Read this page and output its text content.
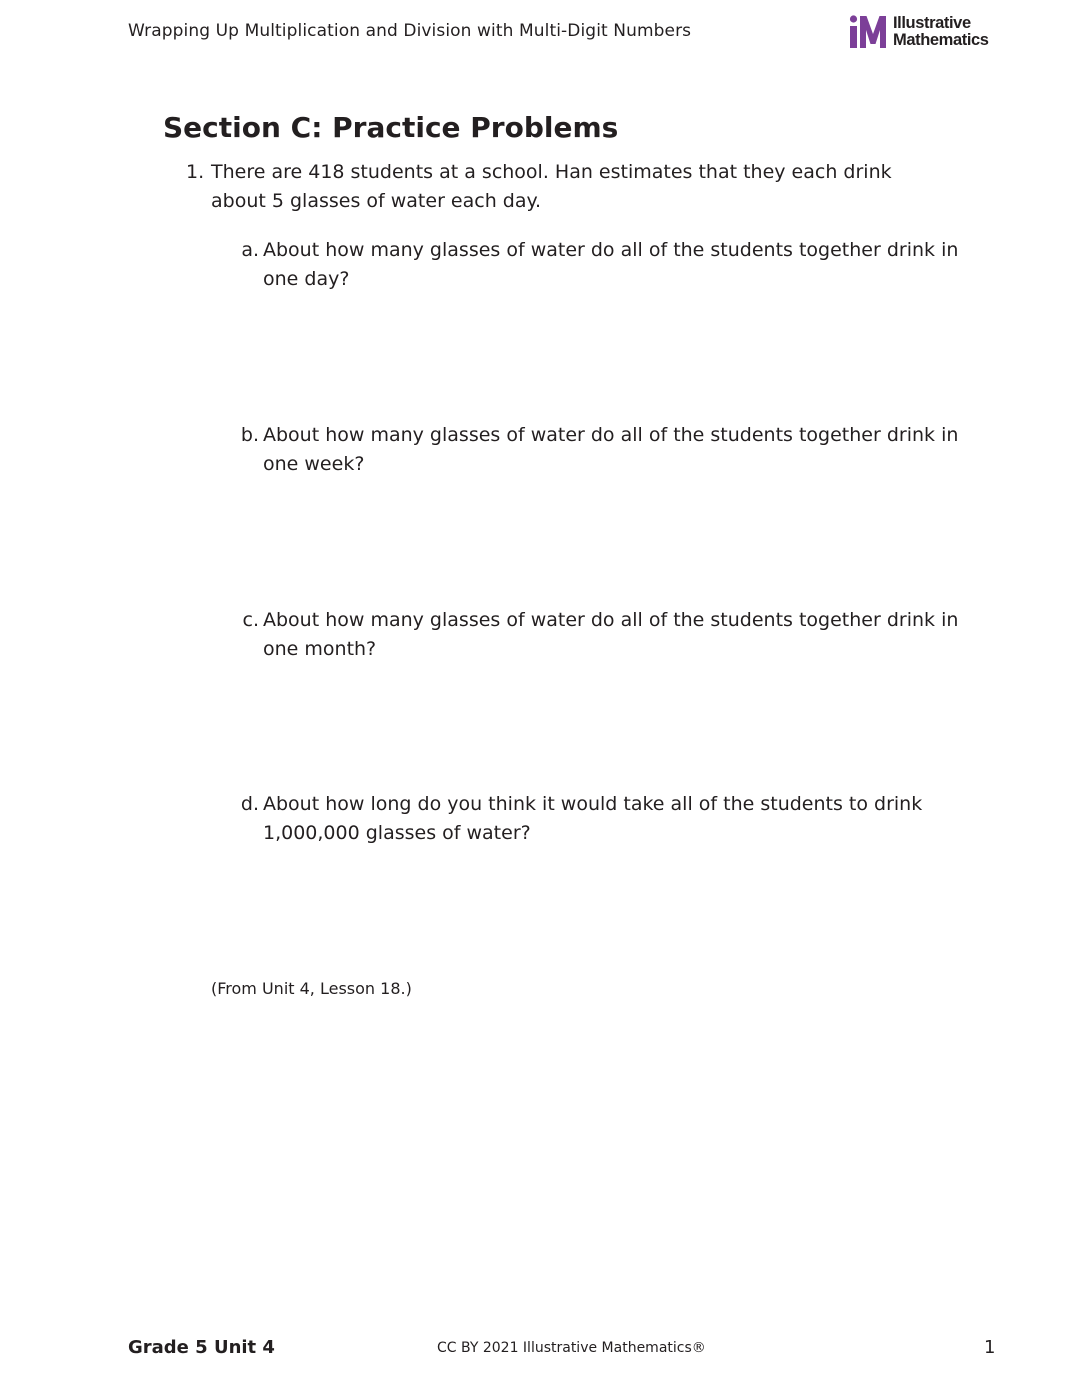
Wrapping Up Multiplication and Division with Multi-Digit Numbers	Illustrative
Mathematics
Section C: Practice Problems
1. There are 418 students at a school. Han estimates that they each drink about 5 glasses of water each day.
a. About how many glasses of water do all of the students together drink in one day?
b. About how many glasses of water do all of the students together drink in one week?
c. About how many glasses of water do all of the students together drink in one month?
d. About how long do you think it would take all of the students to drink 1,000,000 glasses of water?
(From Unit 4, Lesson 18.)
Grade 5 Unit 4	CC BY 2021 Illustrative Mathematics®	1
